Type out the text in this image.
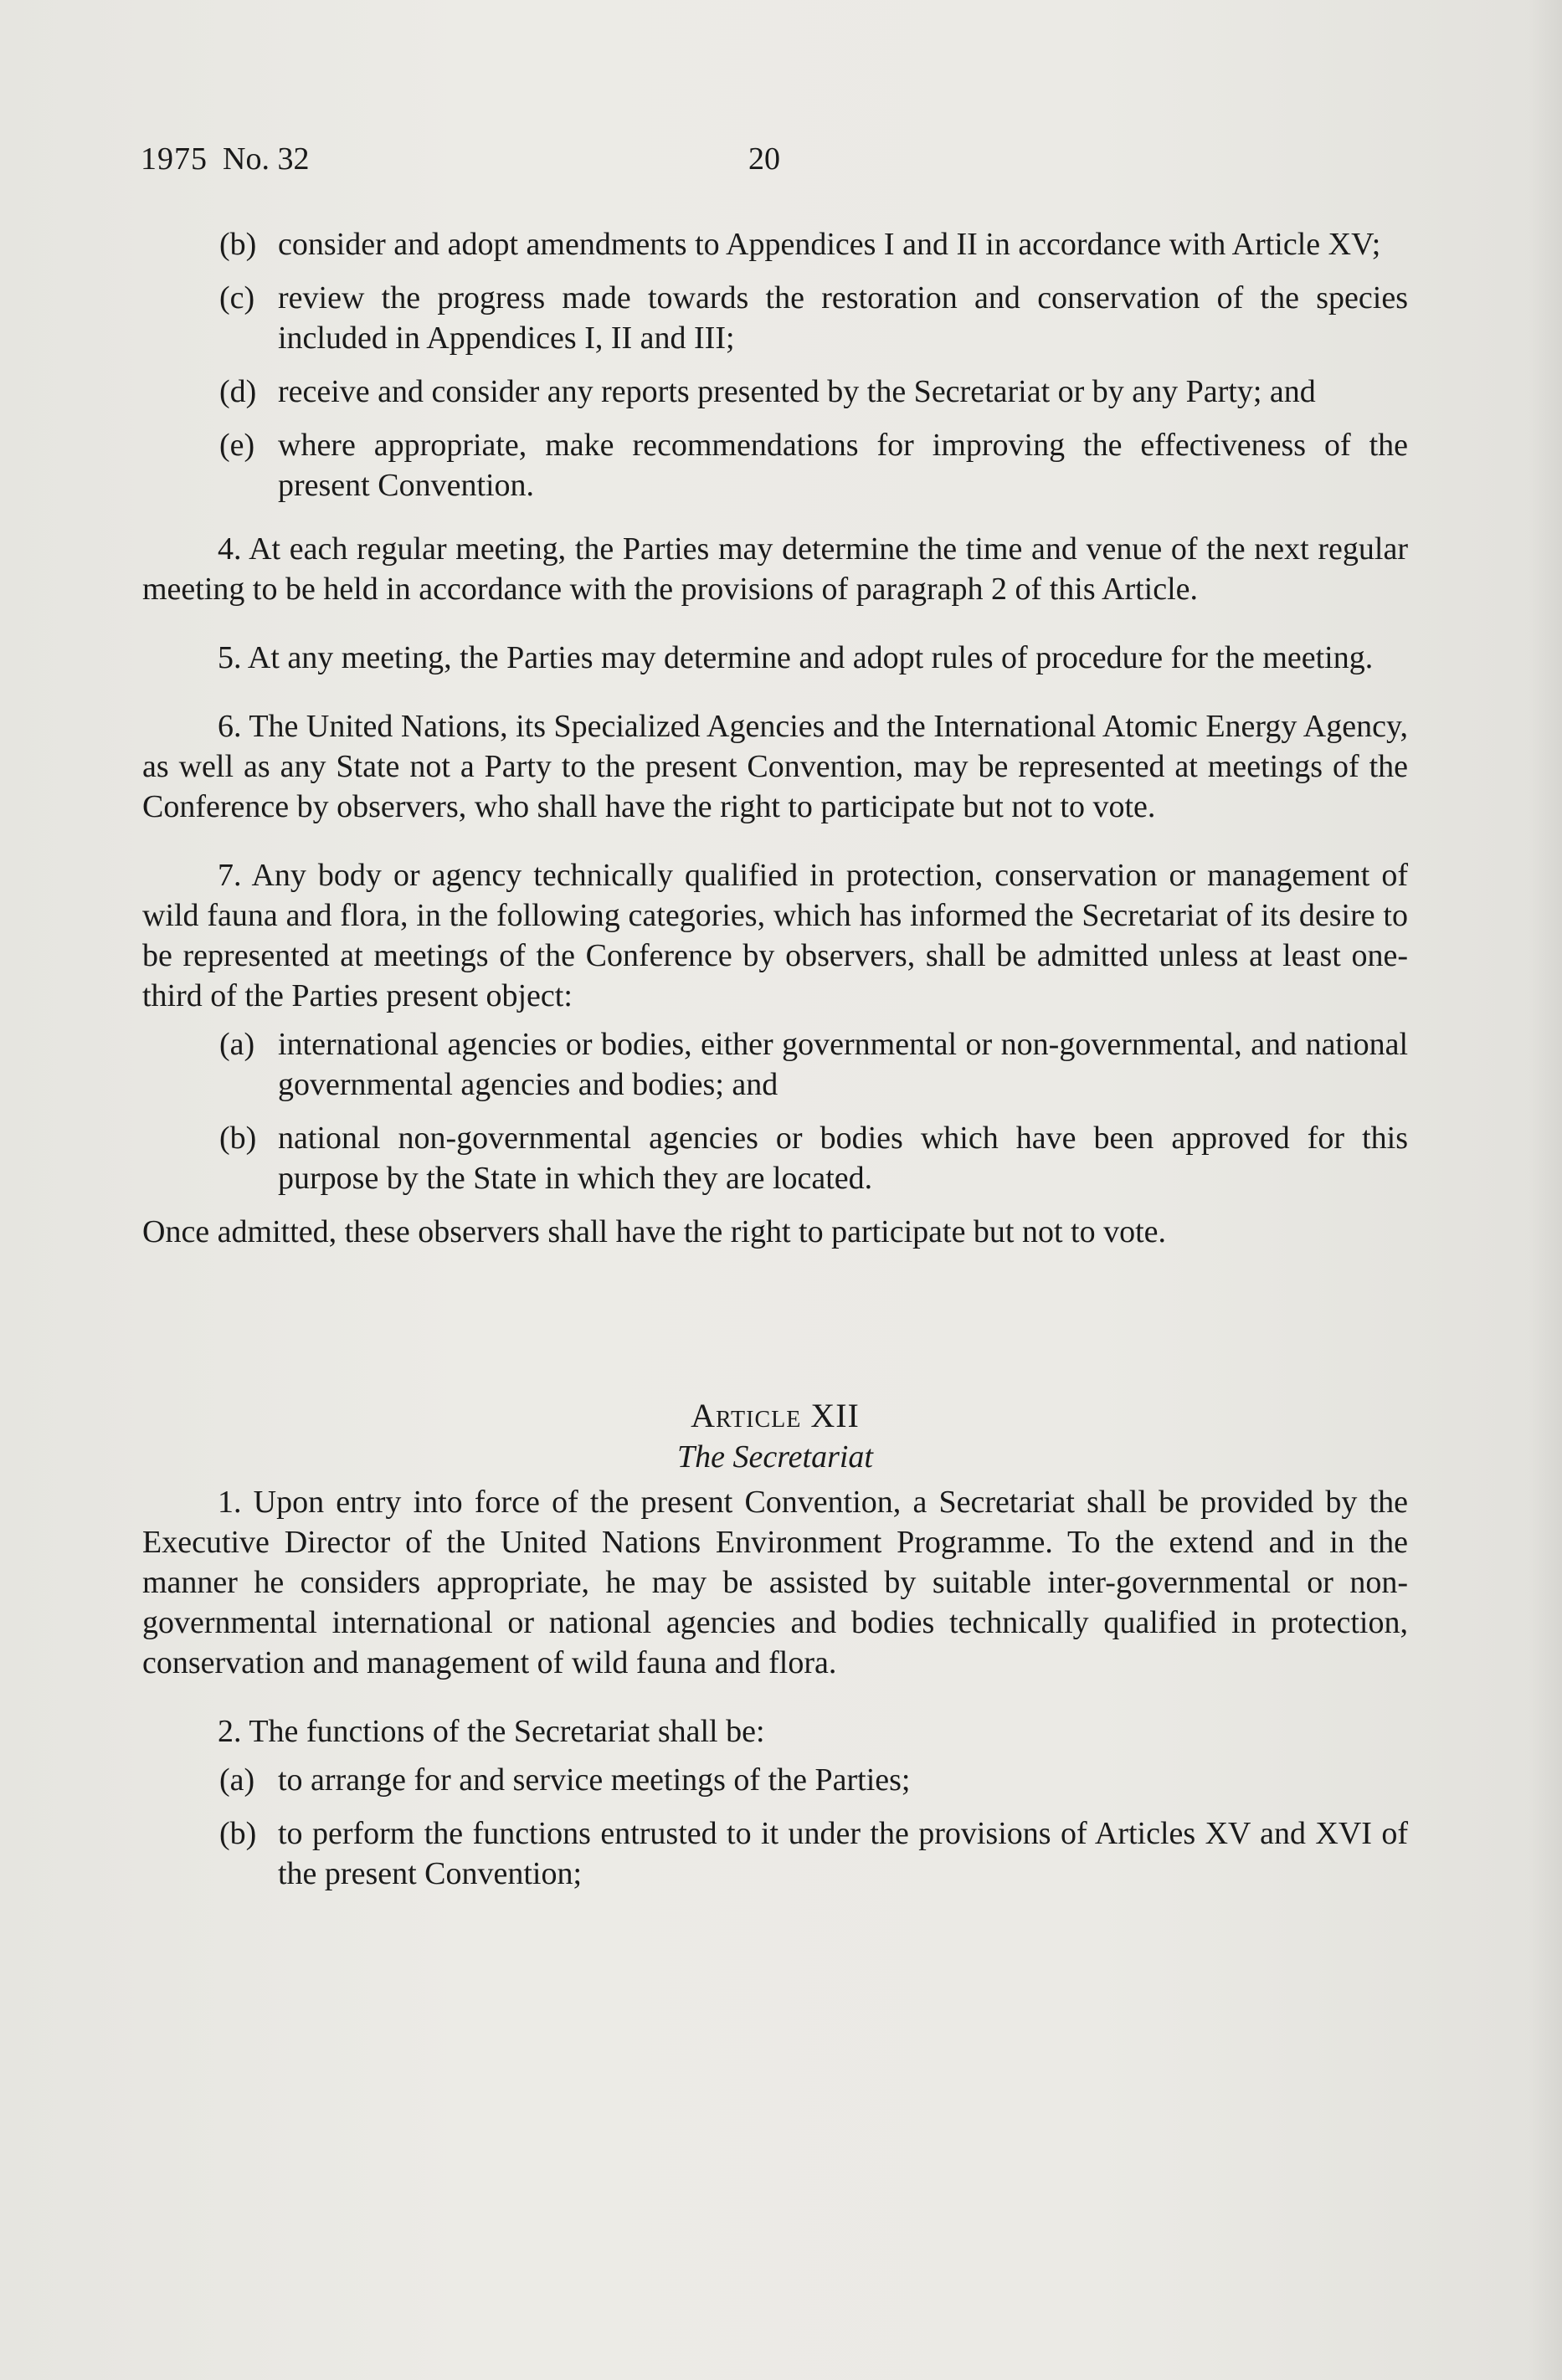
1975 No. 32	20
(b) consider and adopt amendments to Appendices I and II in accordance with Article XV;
(c) review the progress made towards the restoration and conservation of the species included in Appendices I, II and III;
(d) receive and consider any reports presented by the Secretariat or by any Party; and
(e) where appropriate, make recommendations for improving the effectiveness of the present Convention.

4. At each regular meeting, the Parties may determine the time and venue of the next regular meeting to be held in accordance with the provisions of paragraph 2 of this Article.

5. At any meeting, the Parties may determine and adopt rules of procedure for the meeting.

6. The United Nations, its Specialized Agencies and the International Atomic Energy Agency, as well as any State not a Party to the present Convention, may be represented at meetings of the Conference by observers, who shall have the right to participate but not to vote.

7. Any body or agency technically qualified in protection, conservation or management of wild fauna and flora, in the following categories, which has informed the Secretariat of its desire to be represented at meetings of the Conference by observers, shall be admitted unless at least one-third of the Parties present object:

(a) international agencies or bodies, either governmental or non-governmental, and national governmental agencies and bodies; and
(b) national non-governmental agencies or bodies which have been approved for this purpose by the State in which they are located.

Once admitted, these observers shall have the right to participate but not to vote.

Article XII
The Secretariat

1. Upon entry into force of the present Convention, a Secretariat shall be provided by the Executive Director of the United Nations Environment Programme. To the extend and in the manner he considers appropriate, he may be assisted by suitable inter-governmental or non-governmental international or national agencies and bodies technically qualified in protection, conservation and management of wild fauna and flora.

2. The functions of the Secretariat shall be:

(a) to arrange for and service meetings of the Parties;
(b) to perform the functions entrusted to it under the provisions of Articles XV and XVI of the present Convention;
